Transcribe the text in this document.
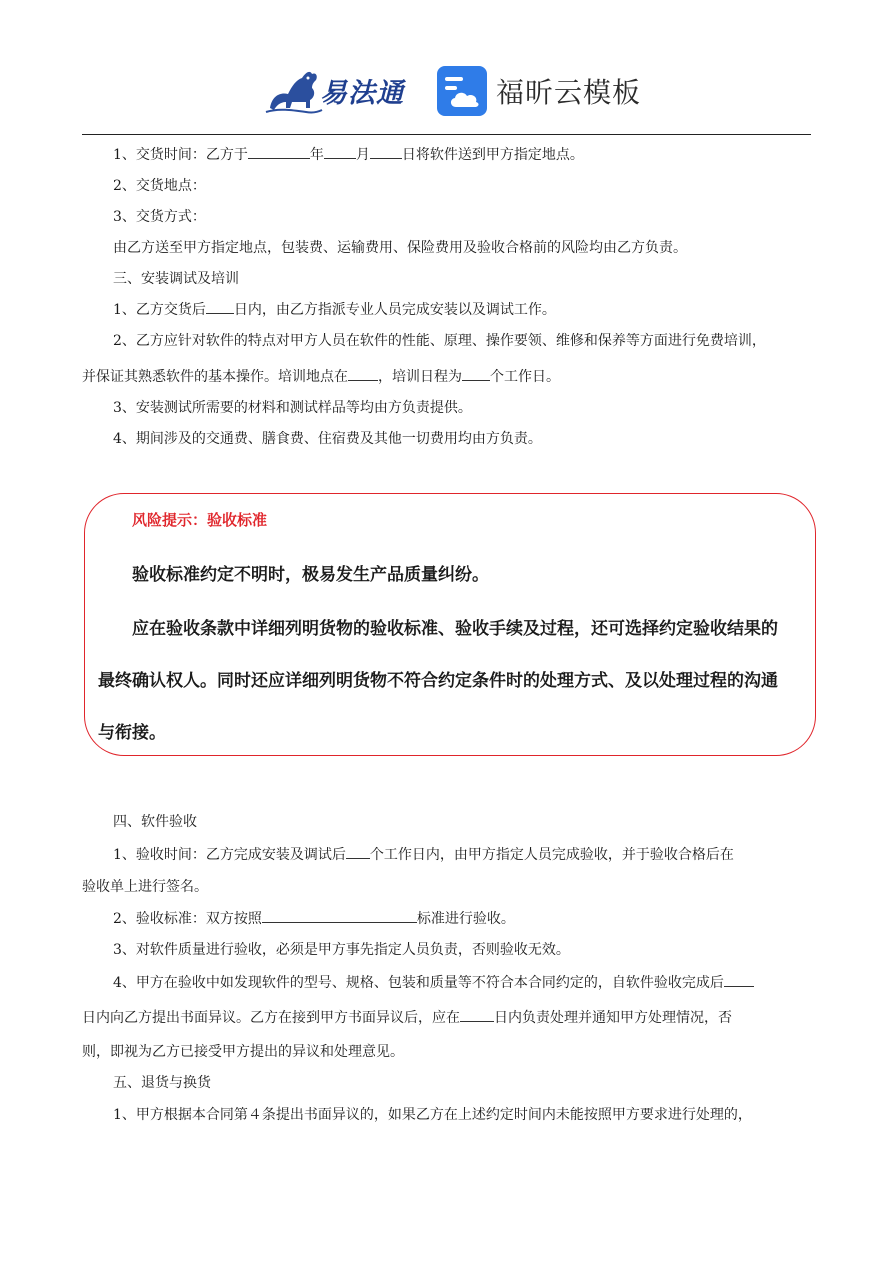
易法通	福昕云模板
1、交货时间：乙方于	年 月 日将软件送到甲方指定地点。
2、交货地点：
3、交货方式：
由乙方送至甲方指定地点，包装费、运输费用、保险费用及验收合格前的风险均由乙方负责。
三、安装调试及培训
1、乙方交货后 日内，由乙方指派专业人员完成安装以及调试工作。
2、乙方应针对软件的特点对甲方人员在软件的性能、原理、操作要领、维修和保养等方面进行免费培训，
并保证其熟悉软件的基本操作。培训地点在 ，培训日程为 个工作日。
3、安装测试所需要的材料和测试样品等均由方负责提供。
4、期间涉及的交通费、膳食费、住宿费及其他一切费用均由方负责。
风险提示：验收标准
验收标准约定不明时，极易发生产品质量纠纷。
应在验收条款中详细列明货物的验收标准、验收手续及过程，还可选择约定验收结果的
最终确认权人。同时还应详细列明货物不符合约定条件时的处理方式、及以处理过程的沟通
与衔接。
四、软件验收
1、验收时间：乙方完成安装及调试后 个工作日内，由甲方指定人员完成验收，并于验收合格后在
验收单上进行签名。
2、验收标准：双方按照	标准进行验收。
3、对软件质量进行验收，必须是甲方事先指定人员负责，否则验收无效。
4、甲方在验收中如发现软件的型号、规格、包装和质量等不符合本合同约定的，自软件验收完成后
日内向乙方提出书面异议。乙方在接到甲方书面异议后，应在 日内负责处理并通知甲方处理情况，否
则，即视为乙方已接受甲方提出的异议和处理意见。
五、退货与换货
1、甲方根据本合同第４条提出书面异议的，如果乙方在上述约定时间内未能按照甲方要求进行处理的，
